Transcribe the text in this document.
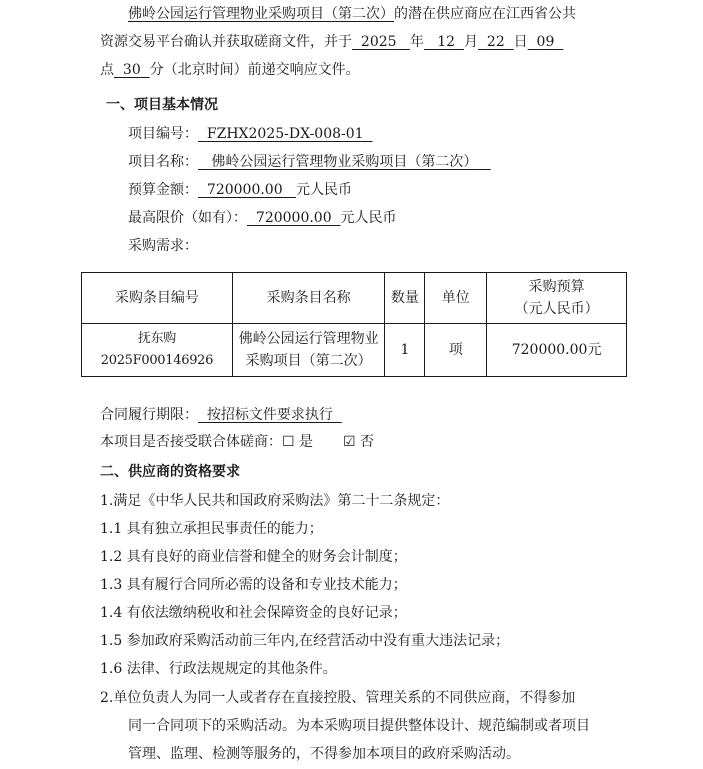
佛岭公园运行管理物业采购项目（第二次）的潜在供应商应在江西省公共
资源交易平台确认并获取磋商文件，并于 2025 年 12 月 22 日 09
点 30 分（北京时间）前递交响应文件。
一、项目基本情况
项目编号： FZHX2025-DX-008-01
项目名称： 佛岭公园运行管理物业采购项目（第二次）
预算金额： 720000.00 元人民币
最高限价（如有）： 720000.00 元人民币
采购需求：
采购条目编号	采购条目名称	数量	单位	采购预算
（元人民币）

抚东购2025F000146926	佛岭公园运行管理物业
采购项目（第二次）	1	项	720000.00元
合同履行期限： 按招标文件要求执行
本项目是否接受联合体磋商：☐ 是 ☑ 否
二、供应商的资格要求
1.满足《中华人民共和国政府采购法》第二十二条规定：
1.1 具有独立承担民事责任的能力；
1.2 具有良好的商业信誉和健全的财务会计制度；
1.3 具有履行合同所必需的设备和专业技术能力；
1.4 有依法缴纳税收和社会保障资金的良好记录；
1.5 参加政府采购活动前三年内,在经营活动中没有重大违法记录；
1.6 法律、行政法规规定的其他条件。
2.单位负责人为同一人或者存在直接控股、管理关系的不同供应商，不得参加
同一合同项下的采购活动。为本采购项目提供整体设计、规范编制或者项目
管理、监理、检测等服务的，不得参加本项目的政府采购活动。
